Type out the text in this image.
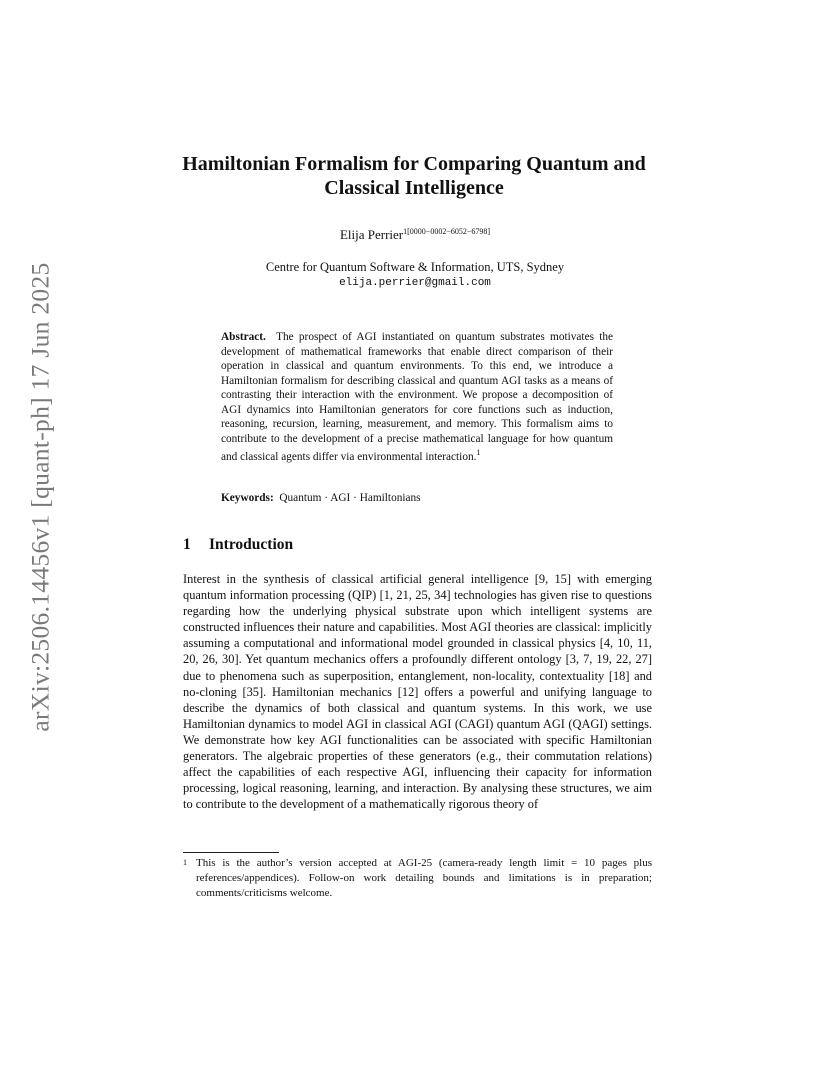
arXiv:2506.14456v1 [quant-ph] 17 Jun 2025
Hamiltonian Formalism for Comparing Quantum and Classical Intelligence
Elija Perrier$^{1[0000-0002-6052-6798]}$
Centre for Quantum Software & Information, UTS, Sydney
elija.perrier@gmail.com
Abstract. The prospect of AGI instantiated on quantum substrates motivates the development of mathematical frameworks that enable direct comparison of their operation in classical and quantum environments. To this end, we introduce a Hamiltonian formalism for describing classical and quantum AGI tasks as a means of contrasting their interaction with the environment. We propose a decomposition of AGI dynamics into Hamiltonian generators for core functions such as induction, reasoning, recursion, learning, measurement, and memory. This formalism aims to contribute to the development of a precise mathematical language for how quantum and classical agents differ via environmental interaction.$^1$
Keywords: Quantum · AGI · Hamiltonians
1 Introduction
Interest in the synthesis of classical artificial general intelligence [9, 15] with emerging quantum information processing (QIP) [1, 21, 25, 34] technologies has given rise to questions regarding how the underlying physical substrate upon which intelligent systems are constructed influences their nature and capabilities. Most AGI theories are classical: implicitly assuming a computational and informational model grounded in classical physics [4, 10, 11, 20, 26, 30]. Yet quantum mechanics offers a profoundly different ontology [3, 7, 19, 22, 27] due to phenomena such as superposition, entanglement, non-locality, contextuality [18] and no-cloning [35]. Hamiltonian mechanics [12] offers a powerful and unifying language to describe the dynamics of both classical and quantum systems. In this work, we use Hamiltonian dynamics to model AGI in classical AGI (CAGI) quantum AGI (QAGI) settings. We demonstrate how key AGI functionalities can be associated with specific Hamiltonian generators. The algebraic properties of these generators (e.g., their commutation relations) affect the capabilities of each respective AGI, influencing their capacity for information processing, logical reasoning, learning, and interaction. By analysing these structures, we aim to contribute to the development of a mathematically rigorous theory of
1 This is the author’s version accepted at AGI-25 (camera-ready length limit = 10 pages plus references/appendices). Follow-on work detailing bounds and limitations is in preparation; comments/criticisms welcome.
